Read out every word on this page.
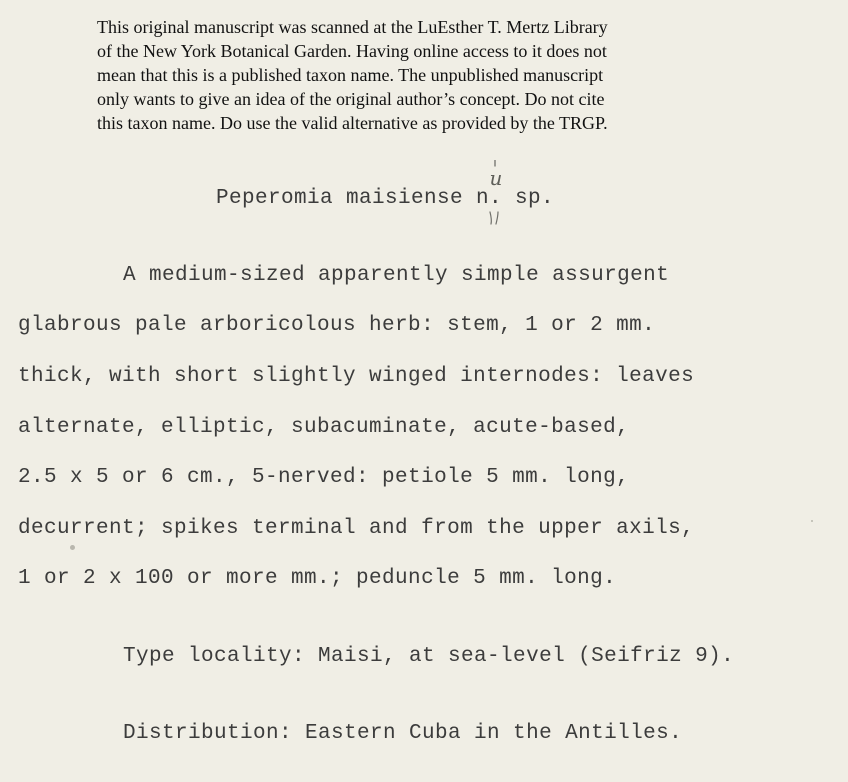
This original manuscript was scanned at the LuEsther T. Mertz Library
of the New York Botanical Garden. Having online access to it does not
mean that this is a published taxon name. The unpublished manuscript
only wants to give an idea of the original author’s concept. Do not cite
this taxon name. Do use the valid alternative as provided by the TRGP.
Peperomia maisiense n. sp.
u
A medium-sized apparently simple assurgent
glabrous pale arboricolous herb: stem, 1 or 2 mm.
thick, with short slightly winged internodes: leaves
alternate, elliptic, subacuminate, acute-based,
2.5 x 5 or 6 cm., 5-nerved: petiole 5 mm. long,
decurrent; spikes terminal and from the upper axils,
1 or 2 x 100 or more mm.; peduncle 5 mm. long.
Type locality: Maisi, at sea-level (Seifriz 9).
Distribution: Eastern Cuba in the Antilles.
